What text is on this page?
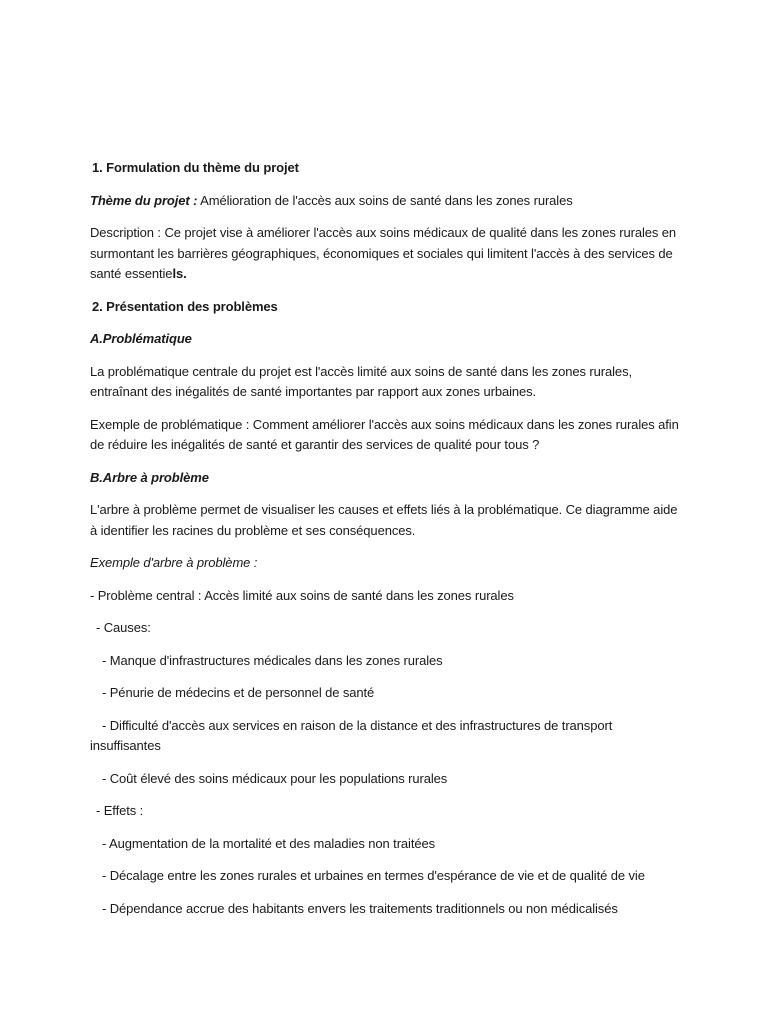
1. Formulation du thème du projet
Thème du projet : Amélioration de l'accès aux soins de santé dans les zones rurales
Description : Ce projet vise à améliorer l'accès aux soins médicaux de qualité dans les zones rurales en surmontant les barrières géographiques, économiques et sociales qui limitent l'accès à des services de santé essentiels.
2. Présentation des problèmes
A.Problématique
La problématique centrale du projet est l'accès limité aux soins de santé dans les zones rurales, entraînant des inégalités de santé importantes par rapport aux zones urbaines.
Exemple de problématique : Comment améliorer l'accès aux soins médicaux dans les zones rurales afin de réduire les inégalités de santé et garantir des services de qualité pour tous ?
B.Arbre à problème
L'arbre à problème permet de visualiser les causes et effets liés à la problématique. Ce diagramme aide à identifier les racines du problème et ses conséquences.
Exemple d'arbre à problème :
- Problème central : Accès limité aux soins de santé dans les zones rurales
- Causes:
- Manque d'infrastructures médicales dans les zones rurales
- Pénurie de médecins et de personnel de santé
- Difficulté d'accès aux services en raison de la distance et des infrastructures de transport
insuffisantes
- Coût élevé des soins médicaux pour les populations rurales
- Effets :
- Augmentation de la mortalité et des maladies non traitées
- Décalage entre les zones rurales et urbaines en termes d'espérance de vie et de qualité de vie
- Dépendance accrue des habitants envers les traitements traditionnels ou non médicalisés
